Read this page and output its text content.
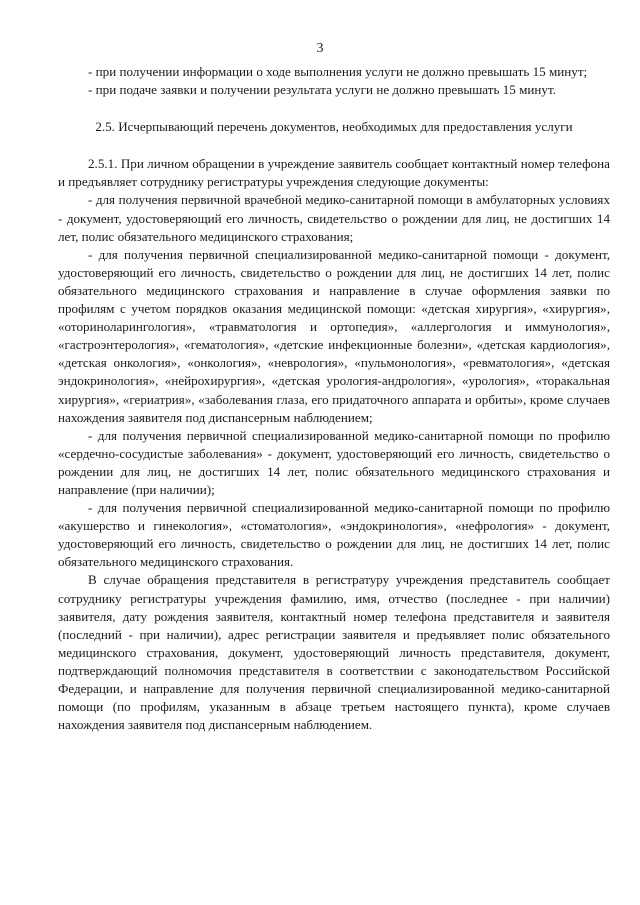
3

- при получении информации о ходе выполнения услуги не должно превышать 15 минут;

- при подаче заявки и получении результата услуги не должно превышать 15 минут.

2.5. Исчерпывающий перечень документов, необходимых для предоставления услуги

2.5.1. При личном обращении в учреждение заявитель сообщает контактный номер телефона и предъявляет сотруднику регистратуры учреждения следующие документы:

- для получения первичной врачебной медико-санитарной помощи в амбулаторных условиях - документ, удостоверяющий его личность, свидетельство о рождении для лиц, не достигших 14 лет, полис обязательного медицинского страхования;

- для получения первичной специализированной медико-санитарной помощи - документ, удостоверяющий его личность, свидетельство о рождении для лиц, не достигших 14 лет, полис обязательного медицинского страхования и направление в случае оформления заявки по профилям с учетом порядков оказания медицинской помощи: «детская хирургия», «хирургия», «оториноларингология», «травматология и ортопедия», «аллергология и иммунология», «гастроэнтерология», «гематология», «детские инфекционные болезни», «детская кардиология», «детская онкология», «онкология», «неврология», «пульмонология», «ревматология», «детская эндокринология», «нейрохирургия», «детская урология-андрология», «урология», «торакальная хирургия», «гериатрия», «заболевания глаза, его придаточного аппарата и орбиты», кроме случаев нахождения заявителя под диспансерным наблюдением;

- для получения первичной специализированной медико-санитарной помощи по профилю «сердечно-сосудистые заболевания» - документ, удостоверяющий его личность, свидетельство о рождении для лиц, не достигших 14 лет, полис обязательного медицинского страхования и направление (при наличии);

- для получения первичной специализированной медико-санитарной помощи по профилю «акушерство и гинекология», «стоматология», «эндокринология», «нефрология» - документ, удостоверяющий его личность, свидетельство о рождении для лиц, не достигших 14 лет, полис обязательного медицинского страхования.

В случае обращения представителя в регистратуру учреждения представитель сообщает сотруднику регистратуры учреждения фамилию, имя, отчество (последнее - при наличии) заявителя, дату рождения заявителя, контактный номер телефона представителя и заявителя (последний - при наличии), адрес регистрации заявителя и предъявляет полис обязательного медицинского страхования, документ, удостоверяющий личность представителя, документ, подтверждающий полномочия представителя в соответствии с законодательством Российской Федерации, и направление для получения первичной специализированной медико-санитарной помощи (по профилям, указанным в абзаце третьем настоящего пункта), кроме случаев нахождения заявителя под диспансерным наблюдением.
